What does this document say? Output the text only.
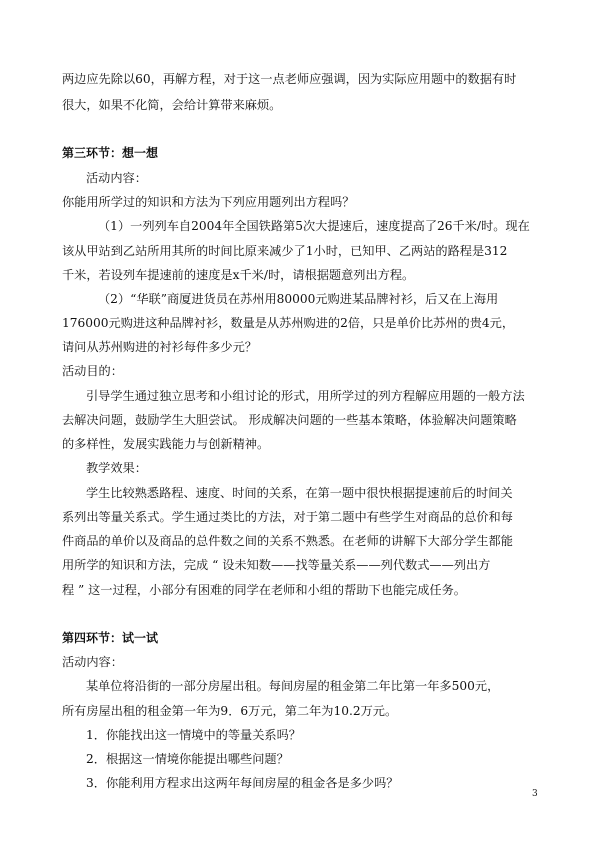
两边应先除以60，再解方程，对于这一点老师应强调，因为实际应用题中的数据有时
很大，如果不化简，会给计算带来麻烦。
第三环节：想一想
活动内容：
你能用所学过的知识和方法为下列应用题列出方程吗？
（1）一列列车自2004年全国铁路第5次大提速后，速度提高了26千米/时。现在
该从甲站到乙站所用其所的时间比原来减少了1小时，已知甲、乙两站的路程是312
千米，若设列车提速前的速度是x千米/时，请根据题意列出方程。
（2）“华联”商厦进货员在苏州用80000元购进某品牌衬衫，后又在上海用
176000元购进这种品牌衬衫，数量是从苏州购进的2倍，只是单价比苏州的贵4元，
请问从苏州购进的衬衫每件多少元？
活动目的：
引导学生通过独立思考和小组讨论的形式，用所学过的列方程解应用题的一般方法
去解决问题，鼓励学生大胆尝试。 形成解决问题的一些基本策略，体验解决问题策略
的多样性，发展实践能力与创新精神。
教学效果：
学生比较熟悉路程、速度、时间的关系，在第一题中很快根据提速前后的时间关
系列出等量关系式。学生通过类比的方法，对于第二题中有些学生对商品的总价和每
件商品的单价以及商品的总件数之间的关系不熟悉。在老师的讲解下大部分学生都能
用所学的知识和方法，完成 “ 设未知数——找等量关系——列代数式——列出方
程 ” 这一过程，小部分有困难的同学在老师和小组的帮助下也能完成任务。
第四环节：试一试
活动内容：
某单位将沿街的一部分房屋出租。每间房屋的租金第二年比第一年多500元，
所有房屋出租的租金第一年为9．6万元，第二年为10.2万元。
1．你能找出这一情境中的等量关系吗？
2．根据这一情境你能提出哪些问题？
3．你能利用方程求出这两年每间房屋的租金各是多少吗？
3
